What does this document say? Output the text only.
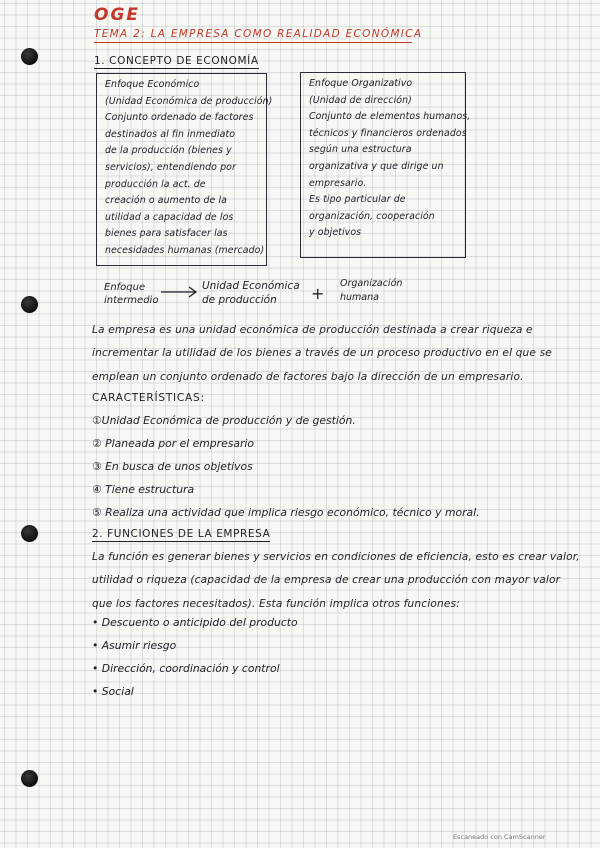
OGE
TEMA 2: LA EMPRESA COMO REALIDAD ECONÓMICA
1. CONCEPTO DE ECONOMÍA
Enfoque Económico
(Unidad Económica de producción)
Conjunto ordenado de factores
destinados al fin inmediato
de la producción (bienes y
servicios), entendiendo por
producción la act. de
creación o aumento de la
utilidad a capacidad de los
bienes para satisfacer las
necesidades humanas (mercado)
Enfoque Organizativo
(Unidad de dirección)
Conjunto de elementos humanos,
técnicos y financieros ordenados
según una estructura
organizativa y que dirige un
empresario.
Es tipo particular de
organización, cooperación
y objetivos
Enfoque
intermedio
Unidad Económica
de producción +
Organización
humana
La empresa es una unidad económica de producción destinada a crear riqueza e
incrementar la utilidad de los bienes a través de un proceso productivo en el que se
emplean un conjunto ordenado de factores bajo la dirección de un empresario.
CARACTERÍSTICAS:
①Unidad Económica de producción y de gestión.
② Planeada por el empresario
③ En busca de unos objetivos
④ Tiene estructura
⑤ Realiza una actividad que implica riesgo económico, técnico y moral.
2. FUNCIONES DE LA EMPRESA
La función es generar bienes y servicios en condiciones de eficiencia, esto es crear valor,
utilidad o riqueza (capacidad de la empresa de crear una producción con mayor valor
que los factores necesitados). Esta función implica otros funciones:
• Descuento o anticipido del producto
• Asumir riesgo
• Dirección, coordinación y control
• Social
Escaneado con CamScanner
